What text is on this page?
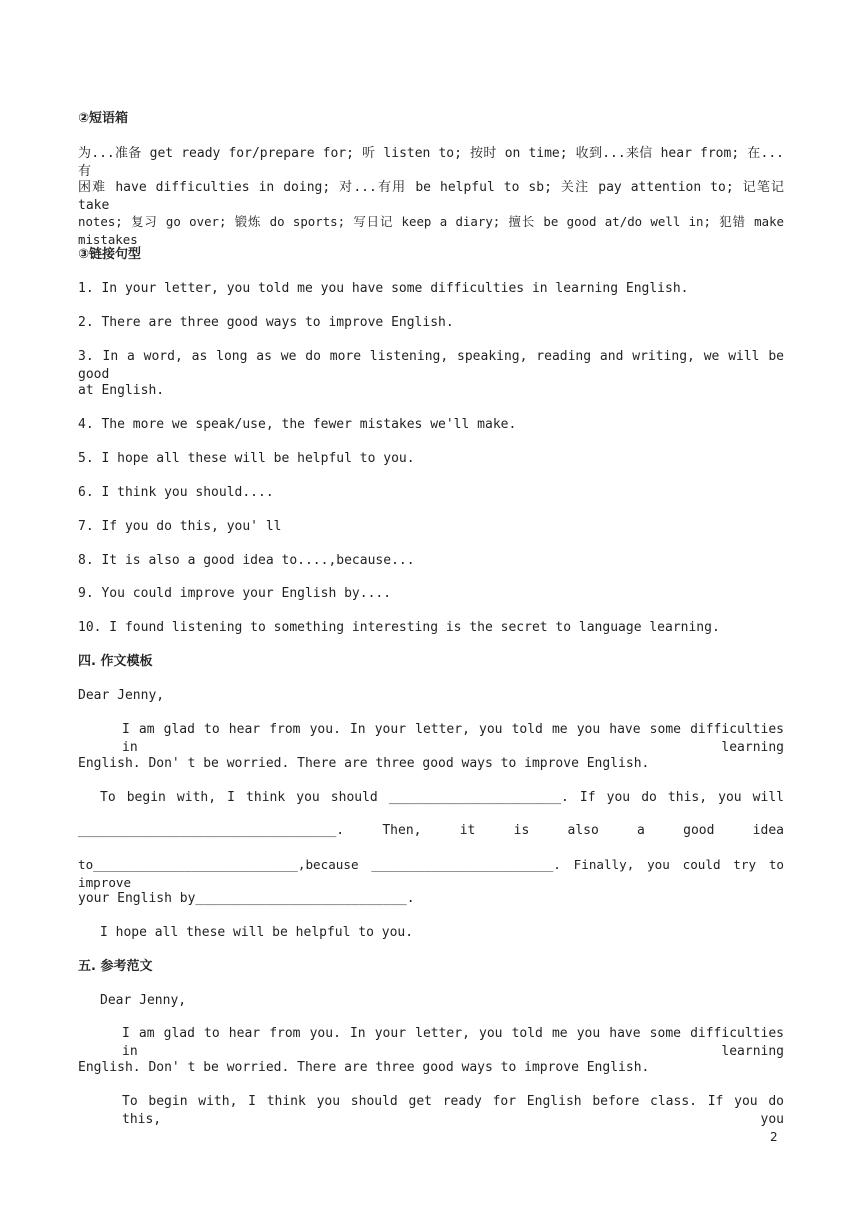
②短语箱
为...准备 get ready for/prepare for; 听 listen to; 按时 on time; 收到...来信 hear from; 在...有
困难 have difficulties in doing; 对...有用 be helpful to sb; 关注 pay attention to; 记笔记 take
notes; 复习 go over; 锻炼 do sports; 写日记 keep a diary; 擅长 be good at/do well in; 犯错 make mistakes
③链接句型
1. In your letter, you told me you have some difficulties in learning English.
2. There are three good ways to improve English.
3. In a word, as long as we do more listening, speaking, reading and writing, we will be good
at English.
4. The more we speak/use, the fewer mistakes we'll make.
5. I hope all these will be helpful to you.
6. I think you should....
7. If you do this, you' ll
8. It is also a good idea to....,because...
9. You could improve your English by....
10. I found listening to something interesting is the secret to language learning.
四. 作文模板
Dear Jenny,
I am glad to hear from you. In your letter, you told me you have some difficulties in learning
English. Don' t be worried. There are three good ways to improve English.
To begin with, I think you should ______________________. If you do this, you will
_________________________________. Then, it is also a good idea
to___________________________,because ________________________. Finally, you could try to improve
your English by___________________________.
I hope all these will be helpful to you.
五. 参考范文
Dear Jenny,
I am glad to hear from you. In your letter, you told me you have some difficulties in learning
English. Don' t be worried. There are three good ways to improve English.
To begin with, I think you should get ready for English before class. If you do this, you
2
